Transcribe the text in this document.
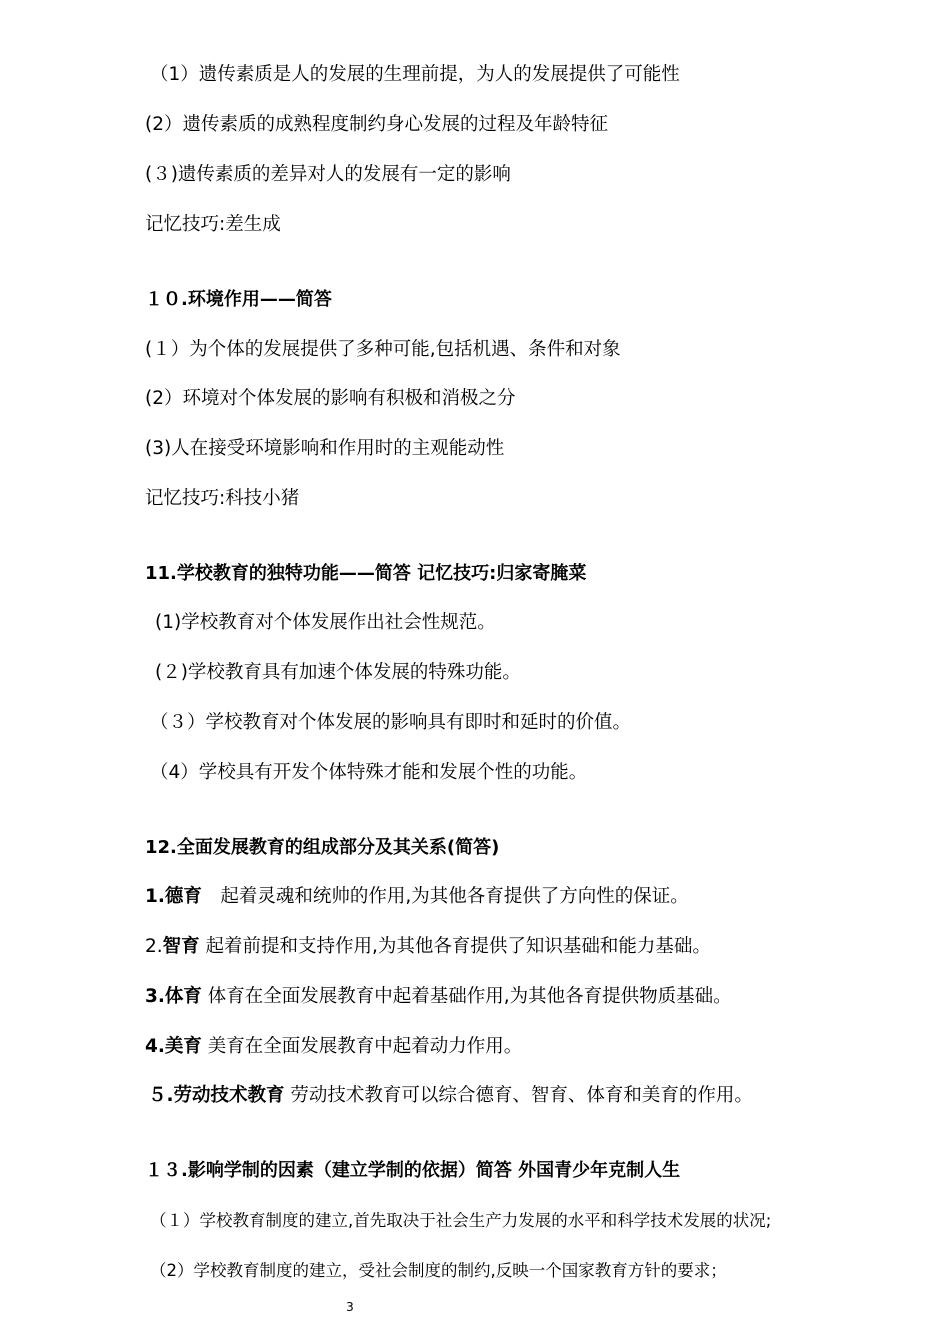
（1）遗传素质是人的发展的生理前提，为人的发展提供了可能性

(2）遗传素质的成熟程度制约身心发展的过程及年龄特征

(３)遗传素质的差异对人的发展有一定的影响

记忆技巧:差生成

１０.环境作用——简答

(１）为个体的发展提供了多种可能,包括机遇、条件和对象

(2）环境对个体发展的影响有积极和消极之分

(3)人在接受环境影响和作用时的主观能动性

记忆技巧:科技小猪

11.学校教育的独特功能——简答 记忆技巧:归家寄腌菜

(1)学校教育对个体发展作出社会性规范。

(２)学校教育具有加速个体发展的特殊功能。

（３）学校教育对个体发展的影响具有即时和延时的价值。

（4）学校具有开发个体特殊才能和发展个性的功能。

12.全面发展教育的组成部分及其关系(简答)

1.德育　起着灵魂和统帅的作用,为其他各育提供了方向性的保证。

2.智育 起着前提和支持作用,为其他各育提供了知识基础和能力基础。

3.体育 体育在全面发展教育中起着基础作用,为其他各育提供物质基础。

4.美育 美育在全面发展教育中起着动力作用。

５.劳动技术教育 劳动技术教育可以综合德育、智育、体育和美育的作用。

１３.影响学制的因素（建立学制的依据）简答 外国青少年克制人生

（１）学校教育制度的建立,首先取决于社会生产力发展的水平和科学技术发展的状况;

（2）学校教育制度的建立，受社会制度的制约,反映一个国家教育方针的要求；

3
